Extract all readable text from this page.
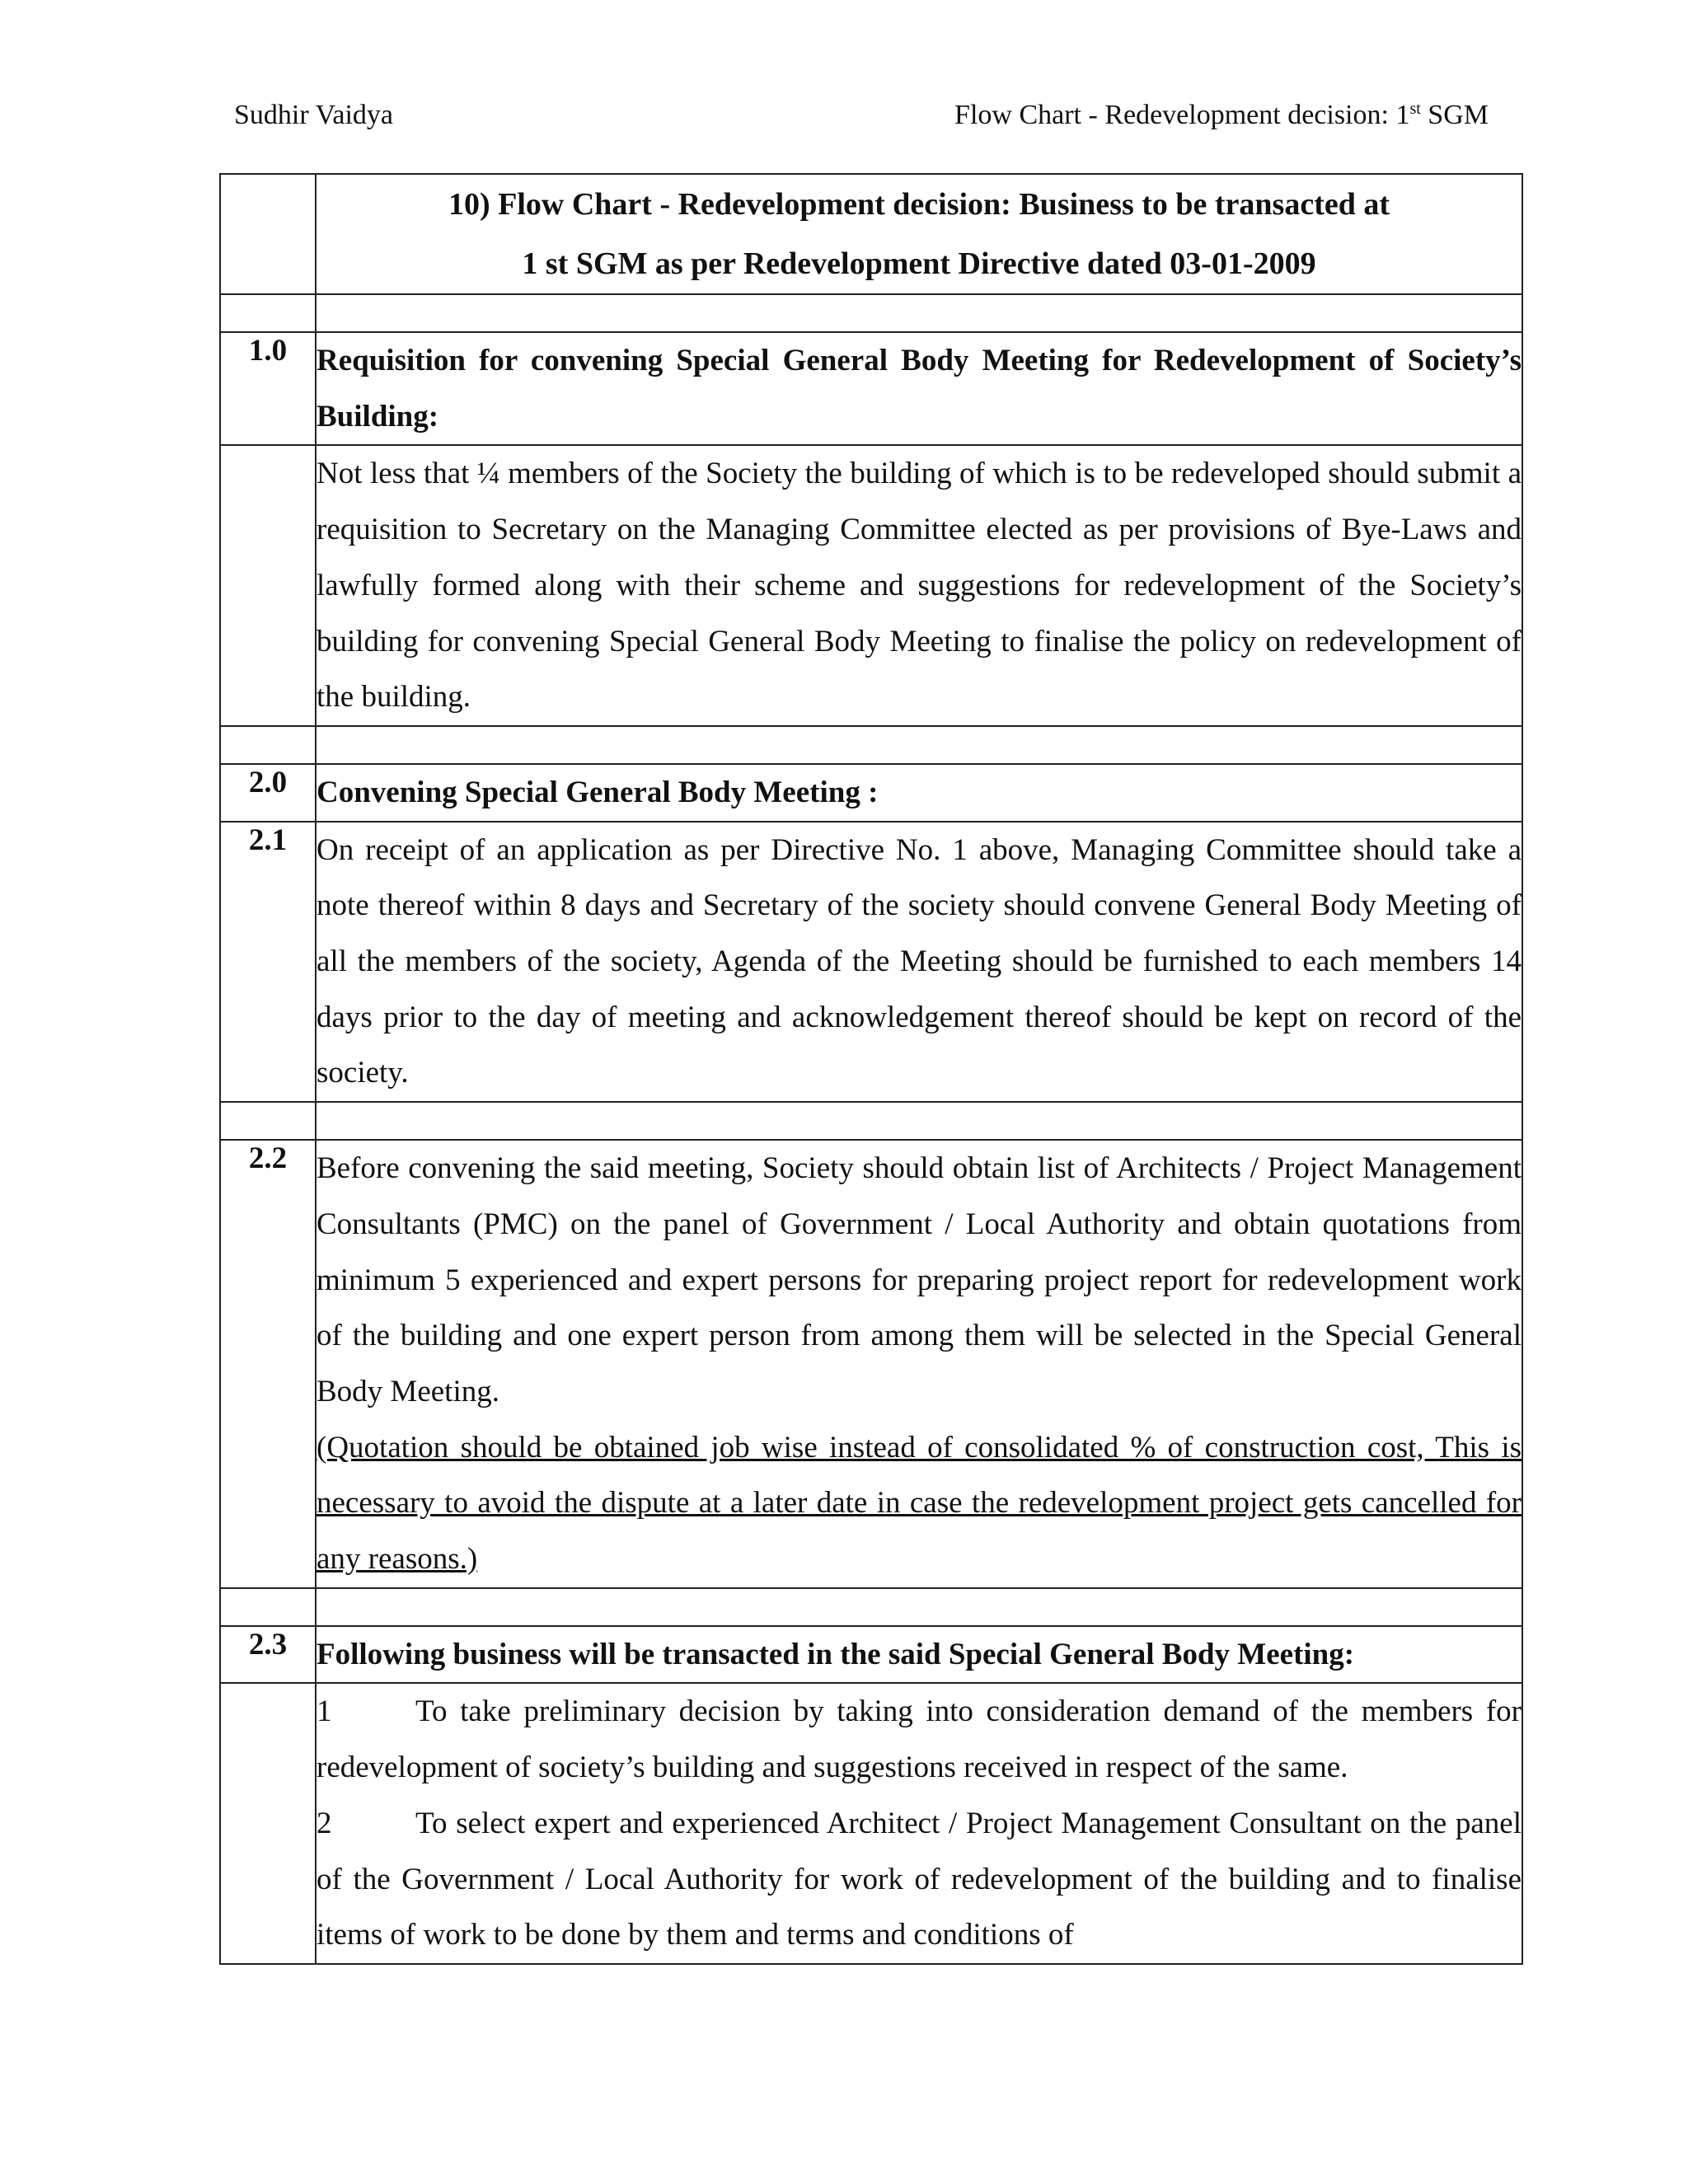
Sudhir Vaidya	Flow Chart - Redevelopment decision: 1st SGM

	10) Flow Chart - Redevelopment decision: Business to be transacted at
1 st SGM as per Redevelopment Directive dated 03-01-2009

1.0	Requisition for convening Special General Body Meeting for Redevelopment of Society’s Building:
	Not less that ¼ members of the Society the building of which is to be redeveloped should submit a requisition to Secretary on the Managing Committee elected as per provisions of Bye-Laws and lawfully formed along with their scheme and suggestions for redevelopment of the Society’s building for convening Special General Body Meeting to finalise the policy on redevelopment of the building.

2.0	Convening Special General Body Meeting :
2.1	On receipt of an application as per Directive No. 1 above, Managing Committee should take a note thereof within 8 days and Secretary of the society should convene General Body Meeting of all the members of the society, Agenda of the Meeting should be furnished to each members 14 days prior to the day of meeting and acknowledgement thereof should be kept on record of the society.

2.2	Before convening the said meeting, Society should obtain list of Architects / Project Management Consultants (PMC) on the panel of Government / Local Authority and obtain quotations from minimum 5 experienced and expert persons for preparing project report for redevelopment work of the building and one expert person from among them will be selected in the Special General Body Meeting.
(Quotation should be obtained job wise instead of consolidated % of construction cost, This is necessary to avoid the dispute at a later date in case the redevelopment project gets cancelled for any reasons.)

2.3	Following business will be transacted in the said Special General Body Meeting:

	1 To take preliminary decision by taking into consideration demand of the members for redevelopment of society’s building and suggestions received in respect of the same.
2 To select expert and experienced Architect / Project Management Consultant on the panel of the Government / Local Authority for work of redevelopment of the building and to finalise items of work to be done by them and terms and conditions of
